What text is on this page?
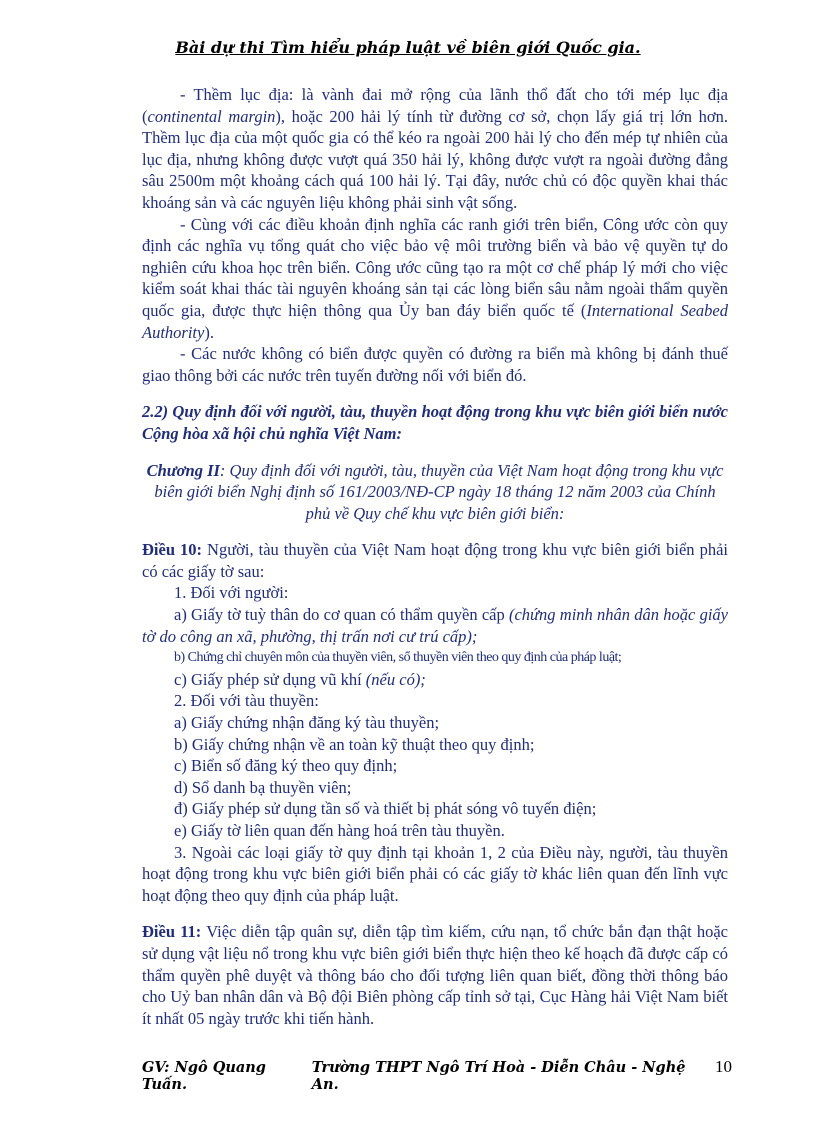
Bài dự thi Tìm hiểu pháp luật về biên giới Quốc gia.

- Thềm lục địa: là vành đai mở rộng của lãnh thổ đất cho tới mép lục địa (continental margin), hoặc 200 hải lý tính từ đường cơ sở, chọn lấy giá trị lớn hơn. Thềm lục địa của một quốc gia có thể kéo ra ngoài 200 hải lý cho đến mép tự nhiên của lục địa, nhưng không được vượt quá 350 hải lý, không được vượt ra ngoài đường đẳng sâu 2500m một khoảng cách quá 100 hải lý. Tại đây, nước chủ có độc quyền khai thác khoáng sản và các nguyên liệu không phải sinh vật sống.

- Cùng với các điều khoản định nghĩa các ranh giới trên biển, Công ước còn quy định các nghĩa vụ tổng quát cho việc bảo vệ môi trường biển và bảo vệ quyền tự do nghiên cứu khoa học trên biển. Công ước cũng tạo ra một cơ chế pháp lý mới cho việc kiểm soát khai thác tài nguyên khoáng sản tại các lòng biển sâu nằm ngoài thẩm quyền quốc gia, được thực hiện thông qua Ủy ban đáy biển quốc tế (International Seabed Authority).

- Các nước không có biển được quyền có đường ra biển mà không bị đánh thuế giao thông bởi các nước trên tuyến đường nối với biển đó.

2.2) Quy định đối với người, tàu, thuyền hoạt động trong khu vực biên giới biển nước Cộng hòa xã hội chủ nghĩa Việt Nam:

Chương II: Quy định đối với người, tàu, thuyền của Việt Nam hoạt động trong khu vực biên giới biển Nghị định số 161/2003/NĐ-CP ngày 18 tháng 12 năm 2003 của Chính phủ về Quy chế khu vực biên giới biển:

Điều 10: Người, tàu thuyền của Việt Nam hoạt động trong khu vực biên giới biển phải có các giấy tờ sau:

1. Đối với người:

a) Giấy tờ tuỳ thân do cơ quan có thẩm quyền cấp (chứng minh nhân dân hoặc giấy tờ do công an xã, phường, thị trấn nơi cư trú cấp);

b) Chứng chỉ chuyên môn của thuyền viên, sổ thuyền viên theo quy định của pháp luật;

c) Giấy phép sử dụng vũ khí (nếu có);

2. Đối với tàu thuyền:

a) Giấy chứng nhận đăng ký tàu thuyền;

b) Giấy chứng nhận về an toàn kỹ thuật theo quy định;

c) Biển số đăng ký theo quy định;

d) Sổ danh bạ thuyền viên;

đ) Giấy phép sử dụng tần số và thiết bị phát sóng vô tuyến điện;

e) Giấy tờ liên quan đến hàng hoá trên tàu thuyền.

3. Ngoài các loại giấy tờ quy định tại khoản 1, 2 của Điều này, người, tàu thuyền hoạt động trong khu vực biên giới biển phải có các giấy tờ khác liên quan đến lĩnh vực hoạt động theo quy định của pháp luật.

Điều 11: Việc diễn tập quân sự, diễn tập tìm kiếm, cứu nạn, tổ chức bắn đạn thật hoặc sử dụng vật liệu nổ trong khu vực biên giới biển thực hiện theo kế hoạch đã được cấp có thẩm quyền phê duyệt và thông báo cho đối tượng liên quan biết, đồng thời thông báo cho Uỷ ban nhân dân và Bộ đội Biên phòng cấp tỉnh sở tại, Cục Hàng hải Việt Nam biết ít nhất 05 ngày trước khi tiến hành.

GV: Ngô Quang Tuấn.
Trường THPT Ngô Trí Hoà - Diễn Châu - Nghệ An.
10
